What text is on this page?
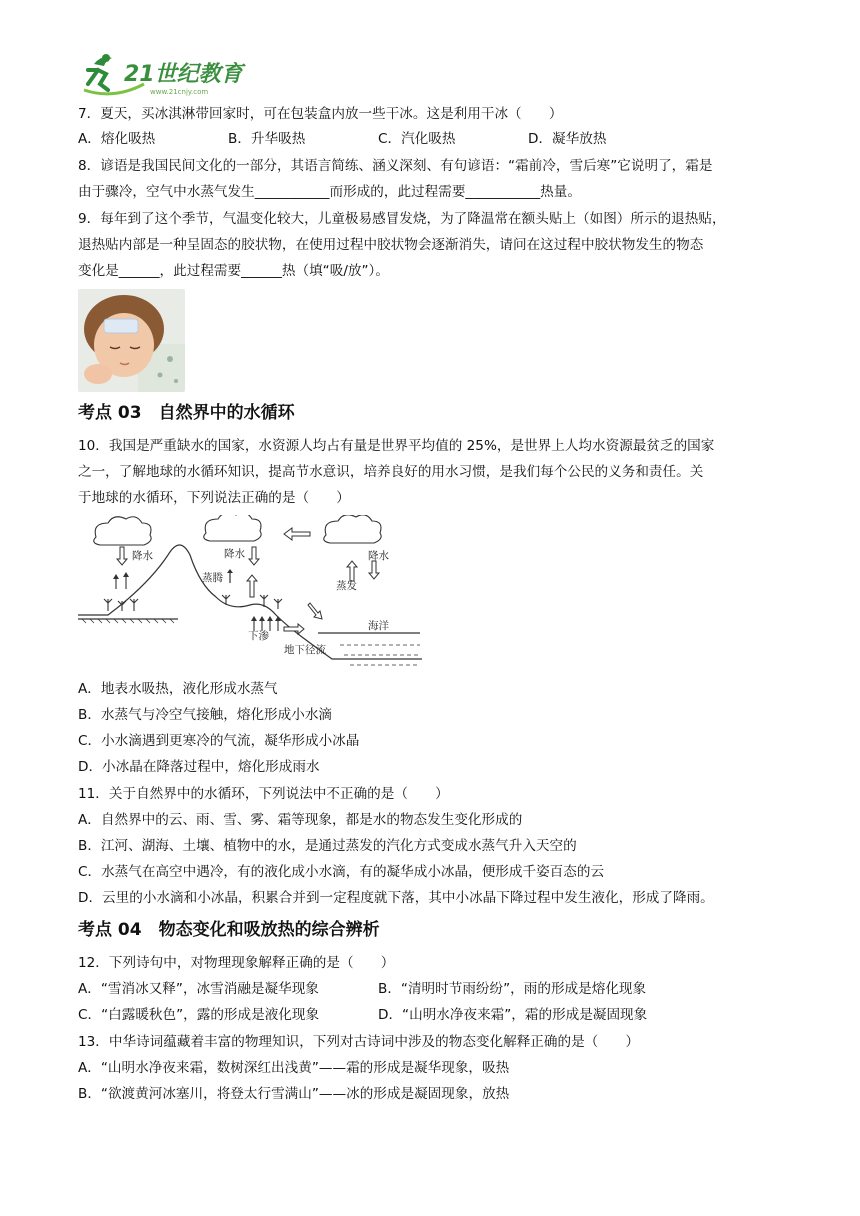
21世纪教育
www.21cnjy.com
7．夏天，买冰淇淋带回家时，可在包装盒内放一些干冰。这是利用干冰（　　）
A．熔化吸热	B．升华吸热	C．汽化吸热	D．凝华放热
8．谚语是我国民间文化的一部分，其语言简练、涵义深刻、有句谚语：“霜前冷，雪后寒”它说明了，霜是
由于骤冷，空气中水蒸气发生___________而形成的，此过程需要___________热量。
9．每年到了这个季节，气温变化较大，儿童极易感冒发烧，为了降温常在额头贴上（如图）所示的退热贴，
退热贴内部是一种呈固态的胶状物，在使用过程中胶状物会逐渐消失，请问在这过程中胶状物发生的物态
变化是______，此过程需要______热（填“吸/放”）。
考点 03　自然界中的水循环
10．我国是严重缺水的国家，水资源人均占有量是世界平均值的 25%，是世界上人均水资源最贫乏的国家
之一，了解地球的水循环知识，提高节水意识，培养良好的用水习惯，是我们每个公民的义务和责任。关
于地球的水循环，下列说法正确的是（　　）
降水	降水	降水
蒸发
蒸腾
下渗
地下径流
海洋
A．地表水吸热，液化形成水蒸气
B．水蒸气与冷空气接触，熔化形成小水滴
C．小水滴遇到更寒冷的气流，凝华形成小冰晶
D．小冰晶在降落过程中，熔化形成雨水
11．关于自然界中的水循环，下列说法中不正确的是（　　）
A．自然界中的云、雨、雪、雾、霜等现象，都是水的物态发生变化形成的
B．江河、湖海、土壤、植物中的水，是通过蒸发的汽化方式变成水蒸气升入天空的
C．水蒸气在高空中遇冷，有的液化成小水滴，有的凝华成小冰晶，便形成千姿百态的云
D．云里的小水滴和小冰晶，积累合并到一定程度就下落，其中小冰晶下降过程中发生液化，形成了降雨。
考点 04　物态变化和吸放热的综合辨析
12．下列诗句中，对物理现象解释正确的是（　　）
A．“雪消冰又释”，冰雪消融是凝华现象	B．“清明时节雨纷纷”，雨的形成是熔化现象
C．“白露暖秋色”，露的形成是液化现象	D．“山明水净夜来霜”，霜的形成是凝固现象
13．中华诗词蕴藏着丰富的物理知识，下列对古诗词中涉及的物态变化解释正确的是（　　）
A．“山明水净夜来霜，数树深红出浅黄”——霜的形成是凝华现象，吸热
B．“欲渡黄河冰塞川，将登太行雪满山”——冰的形成是凝固现象，放热
